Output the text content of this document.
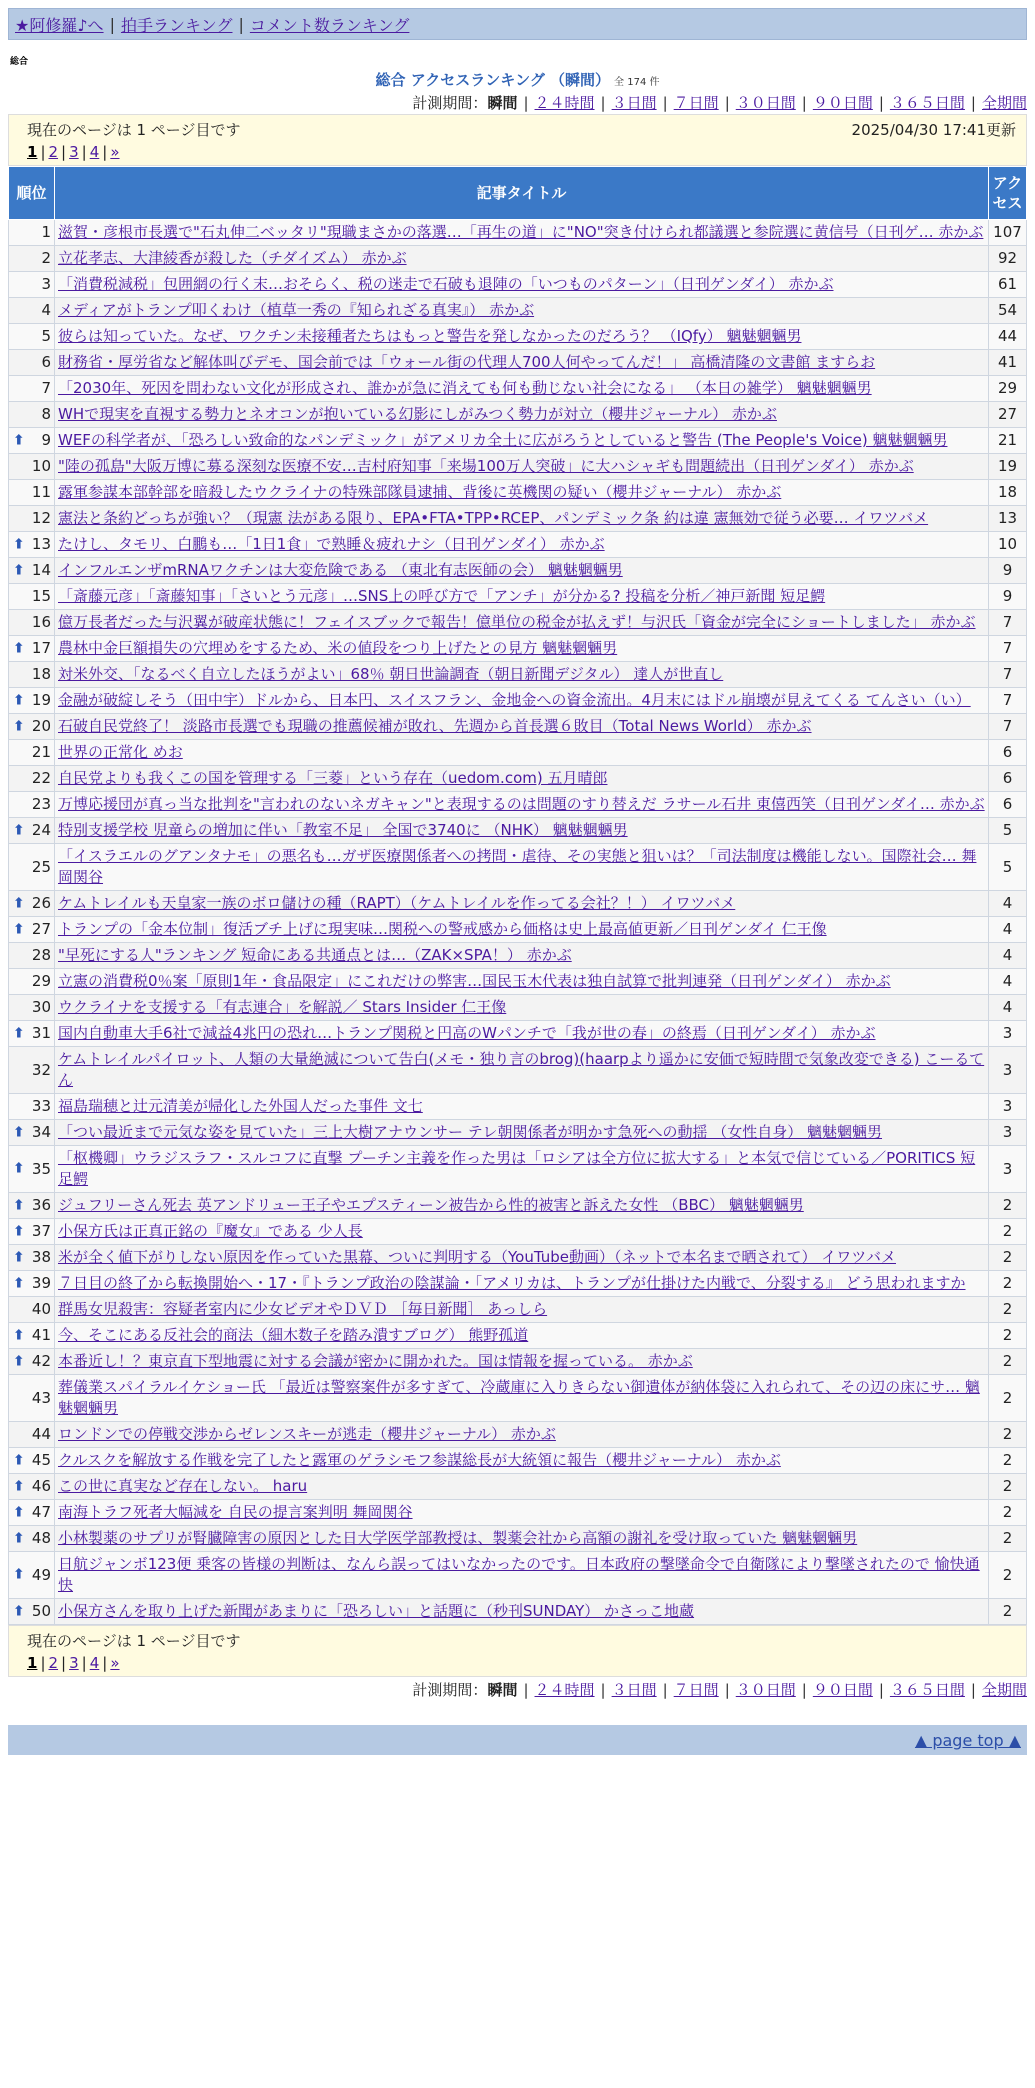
★阿修羅♪へ | 拍手ランキング | コメント数ランキング
総合
総合 アクセスランキング （瞬間） 全 174 件
計測期間：瞬間 | ２４時間 | ３日間 | ７日間 | ３０日間 | ９０日間 | ３６５日間 | 全期間
現在のページは 1 ページ目です	2025/04/30 17:41更新
1 | 2 | 3 | 4 | »
順位	記事タイトル	アクセス
1	滋賀・彦根市長選で"石丸伸二ベッタリ"現職まさかの落選…「再生の道」に"NO"突き付けられ都議選と参院選に黄信号（日刊ゲ… 赤かぶ	107
2	立花孝志、大津綾香が殺した（チダイズム） 赤かぶ	92
3	「消費税減税」包囲網の行く末…おそらく、税の迷走で石破も退陣の「いつものパターン」（日刊ゲンダイ） 赤かぶ	61
4	メディアがトランプ叩くわけ（植草一秀の『知られざる真実』） 赤かぶ	54
5	彼らは知っていた。なぜ、ワクチン未接種者たちはもっと警告を発しなかったのだろう？ （IQfy） 魑魅魍魎男	44
6	財務省・厚労省など解体叫びデモ、国会前では「ウォール街の代理人700人何やってんだ！」 高橋清隆の文書館 ますらお	41
7	「2030年、死因を問わない文化が形成され、誰かが急に消えても何も動じない社会になる」 （本日の雑学） 魑魅魍魎男	29
8	WHで現実を直視する勢力とネオコンが抱いている幻影にしがみつく勢力が対立（櫻井ジャーナル） 赤かぶ	27

⬆ 9	WEFの科学者が、「恐ろしい致命的なパンデミック」がアメリカ全土に広がろうとしていると警告 (The People's Voice) 魑魅魍魎男	21
10	"陸の孤島"大阪万博に募る深刻な医療不安…吉村府知事「来場100万人突破」に大ハシャギも問題続出（日刊ゲンダイ） 赤かぶ	19
11	露軍参謀本部幹部を暗殺したウクライナの特殊部隊員逮捕、背後に英機関の疑い（櫻井ジャーナル） 赤かぶ	18
12	憲法と条約どっちが強い？（現憲 法がある限り、EPA•FTA•TPP•RCEP、パンデミック条 約は違 憲無効で従う必要… イワツバメ	13

⬆ 13	たけし、タモリ、白鵬も…「1日1食」で熟睡＆疲れナシ（日刊ゲンダイ） 赤かぶ	10

⬆ 14	インフルエンザmRNAワクチンは大変危険である （東北有志医師の会） 魑魅魍魎男	9
15	「斎藤元彦」「斎藤知事」「さいとう元彦」…SNS上の呼び方で「アンチ」が分かる? 投稿を分析／神戸新聞 短足鰐	9
16	億万長者だった与沢翼が破産状態に！フェイスブックで報告！億単位の税金が払えず！与沢氏「資金が完全にショートしました」 赤かぶ	7

⬆ 17	農林中金巨額損失の穴埋めをするため、米の値段をつり上げたとの見方 魑魅魍魎男	7
18	対米外交、「なるべく自立したほうがよい」68％ 朝日世論調査（朝日新聞デジタル） 達人が世直し	7

⬆ 19	金融が破綻しそう（田中宇）ドルから、日本円、スイスフラン、金地金への資金流出。4月末にはドル崩壊が見えてくる てんさい（い）	7

⬆ 20	石破自民党終了！ 淡路市長選でも現職の推薦候補が敗れ、先週から首長選６敗目（Total News World） 赤かぶ	7
21	世界の正常化 めお	6
22	自民党よりも我くこの国を管理する「三菱」という存在（uedom.com) 五月晴郎	6
23	万博応援団が真っ当な批判を"言われのないネガキャン"と表現するのは問題のすり替えだ ラサール石井 東僖西笑（日刊ゲンダイ… 赤かぶ	6

⬆ 24	特別支援学校 児童らの増加に伴い「教室不足」 全国で3740に （NHK） 魑魅魍魎男	5
25	「イスラエルのグアンタナモ」の悪名も…ガザ医療関係者への拷問・虐待、その実態と狙いは？「司法制度は機能しない。国際社会… 舞岡関谷	5

⬆ 26	ケムトレイルも天皇家一族のボロ儲けの種（RAPT）（ケムトレイルを作ってる会社？！） イワツバメ	4

⬆ 27	トランプの「金本位制」復活ブチ上げに現実味…関税への警戒感から価格は史上最高値更新／日刊ゲンダイ 仁王像	4
28	"早死にする人"ランキング 短命にある共通点とは…（ZAK×SPA！） 赤かぶ	4
29	立憲の消費税0％案「原則1年・食品限定」にこれだけの弊害…国民玉木代表は独自試算で批判連発（日刊ゲンダイ） 赤かぶ	4
30	ウクライナを支援する「有志連合」を解説／ Stars Insider 仁王像	4

⬆ 31	国内自動車大手6社で減益4兆円の恐れ…トランプ関税と円高のWパンチで「我が世の春」の終焉（日刊ゲンダイ） 赤かぶ	3
32	ケムトレイルパイロット、人類の大量絶滅について告白(メモ・独り言のbrog)(haarpより遥かに安価で短時間で気象改変できる) こーるてん	3
33	福島瑞穂と辻元清美が帰化した外国人だった事件 文七	3

⬆ 34	「つい最近まで元気な姿を見ていた」三上大樹アナウンサー テレ朝関係者が明かす急死への動揺 （女性自身） 魑魅魍魎男	3

⬆ 35	「枢機卿」ウラジスラフ・スルコフに直撃 プーチン主義を作った男は「ロシアは全方位に拡大する」と本気で信じている／PORITICS 短足鰐	3

⬆ 36	ジュフリーさん死去 英アンドリュー王子やエプスティーン被告から性的被害と訴えた女性 （BBC） 魑魅魍魎男	2

⬆ 37	小保方氏は正真正銘の『魔女』である 少人長	2

⬆ 38	米が全く値下がりしない原因を作っていた黒幕、ついに判明する（YouTube動画）（ネットで本名まで晒されて） イワツバメ	2

⬆ 39	７日目の終了から転換開始へ・17・『トランプ政治の陰謀論・「アメリカは、トランプが仕掛けた内戦で、分裂する』 どう思われますか	2
40	群馬女児殺害：容疑者室内に少女ビデオやＤＶＤ ［毎日新聞］ あっしら	2

⬆ 41	今、そこにある反社会的商法（細木数子を踏み潰すブログ） 熊野孤道	2

⬆ 42	本番近し！？東京直下型地震に対する会議が密かに開かれた。国は情報を握っている。 赤かぶ	2
43	葬儀業スパイラルイケショー氏 「最近は警察案件が多すぎて、冷蔵庫に入りきらない御遺体が納体袋に入れられて、その辺の床にサ… 魑魅魍魎男	2
44	ロンドンでの停戦交渉からゼレンスキーが逃走（櫻井ジャーナル） 赤かぶ	2

⬆ 45	クルスクを解放する作戦を完了したと露軍のゲラシモフ参謀総長が大統領に報告（櫻井ジャーナル） 赤かぶ	2

⬆ 46	この世に真実など存在しない。 haru	2

⬆ 47	南海トラフ死者大幅減を 自民の提言案判明 舞岡関谷	2

⬆ 48	小林製薬のサプリが腎臓障害の原因とした日大学医学部教授は、製薬会社から高額の謝礼を受け取っていた 魑魅魍魎男	2

⬆ 49	日航ジャンボ123便 乗客の皆様の判断は、なんら誤ってはいなかったのです。日本政府の撃墜命令で自衛隊により撃墜されたので 愉快通快	2

⬆ 50	小保方さんを取り上げた新聞があまりに「恐ろしい」と話題に（秒刊SUNDAY） かさっこ地蔵	2
現在のページは 1 ページ目です
1 | 2 | 3 | 4 | »
計測期間：瞬間 | ２４時間 | ３日間 | ７日間 | ３０日間 | ９０日間 | ３６５日間 | 全期間
▲ page top ▲
